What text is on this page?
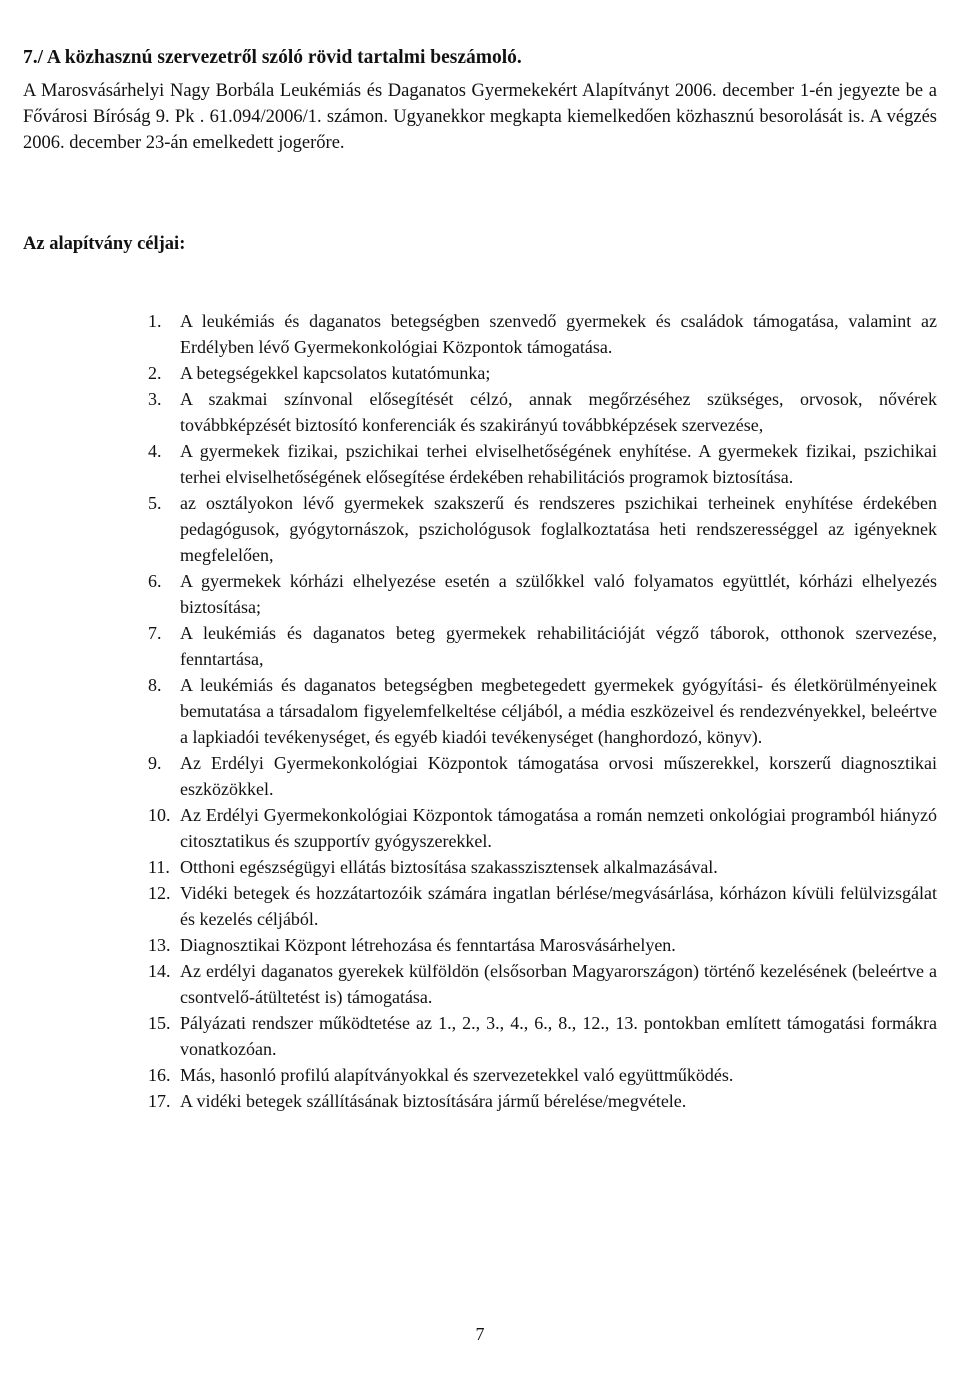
7./ A közhasznú szervezetről szóló rövid tartalmi beszámoló.

A Marosvásárhelyi Nagy Borbála Leukémiás és Daganatos Gyermekekért Alapítványt 2006. december 1-én jegyezte be a Fővárosi Bíróság 9. Pk . 61.094/2006/1. számon. Ugyanekkor megkapta kiemelkedően közhasznú besorolását is. A végzés 2006. december 23-án emelkedett jogerőre.

Az alapítvány céljai:
1. A leukémiás és daganatos betegségben szenvedő gyermekek és családok támogatása, valamint az Erdélyben lévő Gyermekonkológiai Központok támogatása.
2. A betegségekkel kapcsolatos kutatómunka;
3. A szakmai színvonal elősegítését célzó, annak megőrzéséhez szükséges, orvosok, nővérek továbbképzését biztosító konferenciák és szakirányú továbbképzések szervezése,
4. A gyermekek fizikai, pszichikai terhei elviselhetőségének enyhítése. A gyermekek fizikai, pszichikai terhei elviselhetőségének elősegítése érdekében rehabilitációs programok biztosítása.
5. az osztályokon lévő gyermekek szakszerű és rendszeres pszichikai terheinek enyhítése érdekében pedagógusok, gyógytornászok, pszichológusok foglalkoztatása heti rendszerességgel az igényeknek megfelelően,
6. A gyermekek kórházi elhelyezése esetén a szülőkkel való folyamatos együttlét, kórházi elhelyezés biztosítása;
7. A leukémiás és daganatos beteg gyermekek rehabilitációját végző táborok, otthonok szervezése, fenntartása,
8. A leukémiás és daganatos betegségben megbetegedett gyermekek gyógyítási- és életkörülményeinek bemutatása a társadalom figyelemfelkeltése céljából, a média eszközeivel és rendezvényekkel, beleértve a lapkiadói tevékenységet, és egyéb kiadói tevékenységet (hanghordozó, könyv).
9. Az Erdélyi Gyermekonkológiai Központok támogatása orvosi műszerekkel, korszerű diagnosztikai eszközökkel.
10. Az Erdélyi Gyermekonkológiai Központok támogatása a román nemzeti onkológiai programból hiányzó citosztatikus és szupportív gyógyszerekkel.
11. Otthoni egészségügyi ellátás biztosítása szakasszisztensek alkalmazásával.
12. Vidéki betegek és hozzátartozóik számára ingatlan bérlése/megvásárlása, kórházon kívüli felülvizsgálat és kezelés céljából.
13. Diagnosztikai Központ létrehozása és fenntartása Marosvásárhelyen.
14. Az erdélyi daganatos gyerekek külföldön (elsősorban Magyarországon) történő kezelésének (beleértve a csontvelő-átültetést is) támogatása.
15. Pályázati rendszer működtetése az 1., 2., 3., 4., 6., 8., 12., 13. pontokban említett támogatási formákra vonatkozóan.
16. Más, hasonló profilú alapítványokkal és szervezetekkel való együttműködés.
17. A vidéki betegek szállításának biztosítására jármű bérelése/megvétele.
7
